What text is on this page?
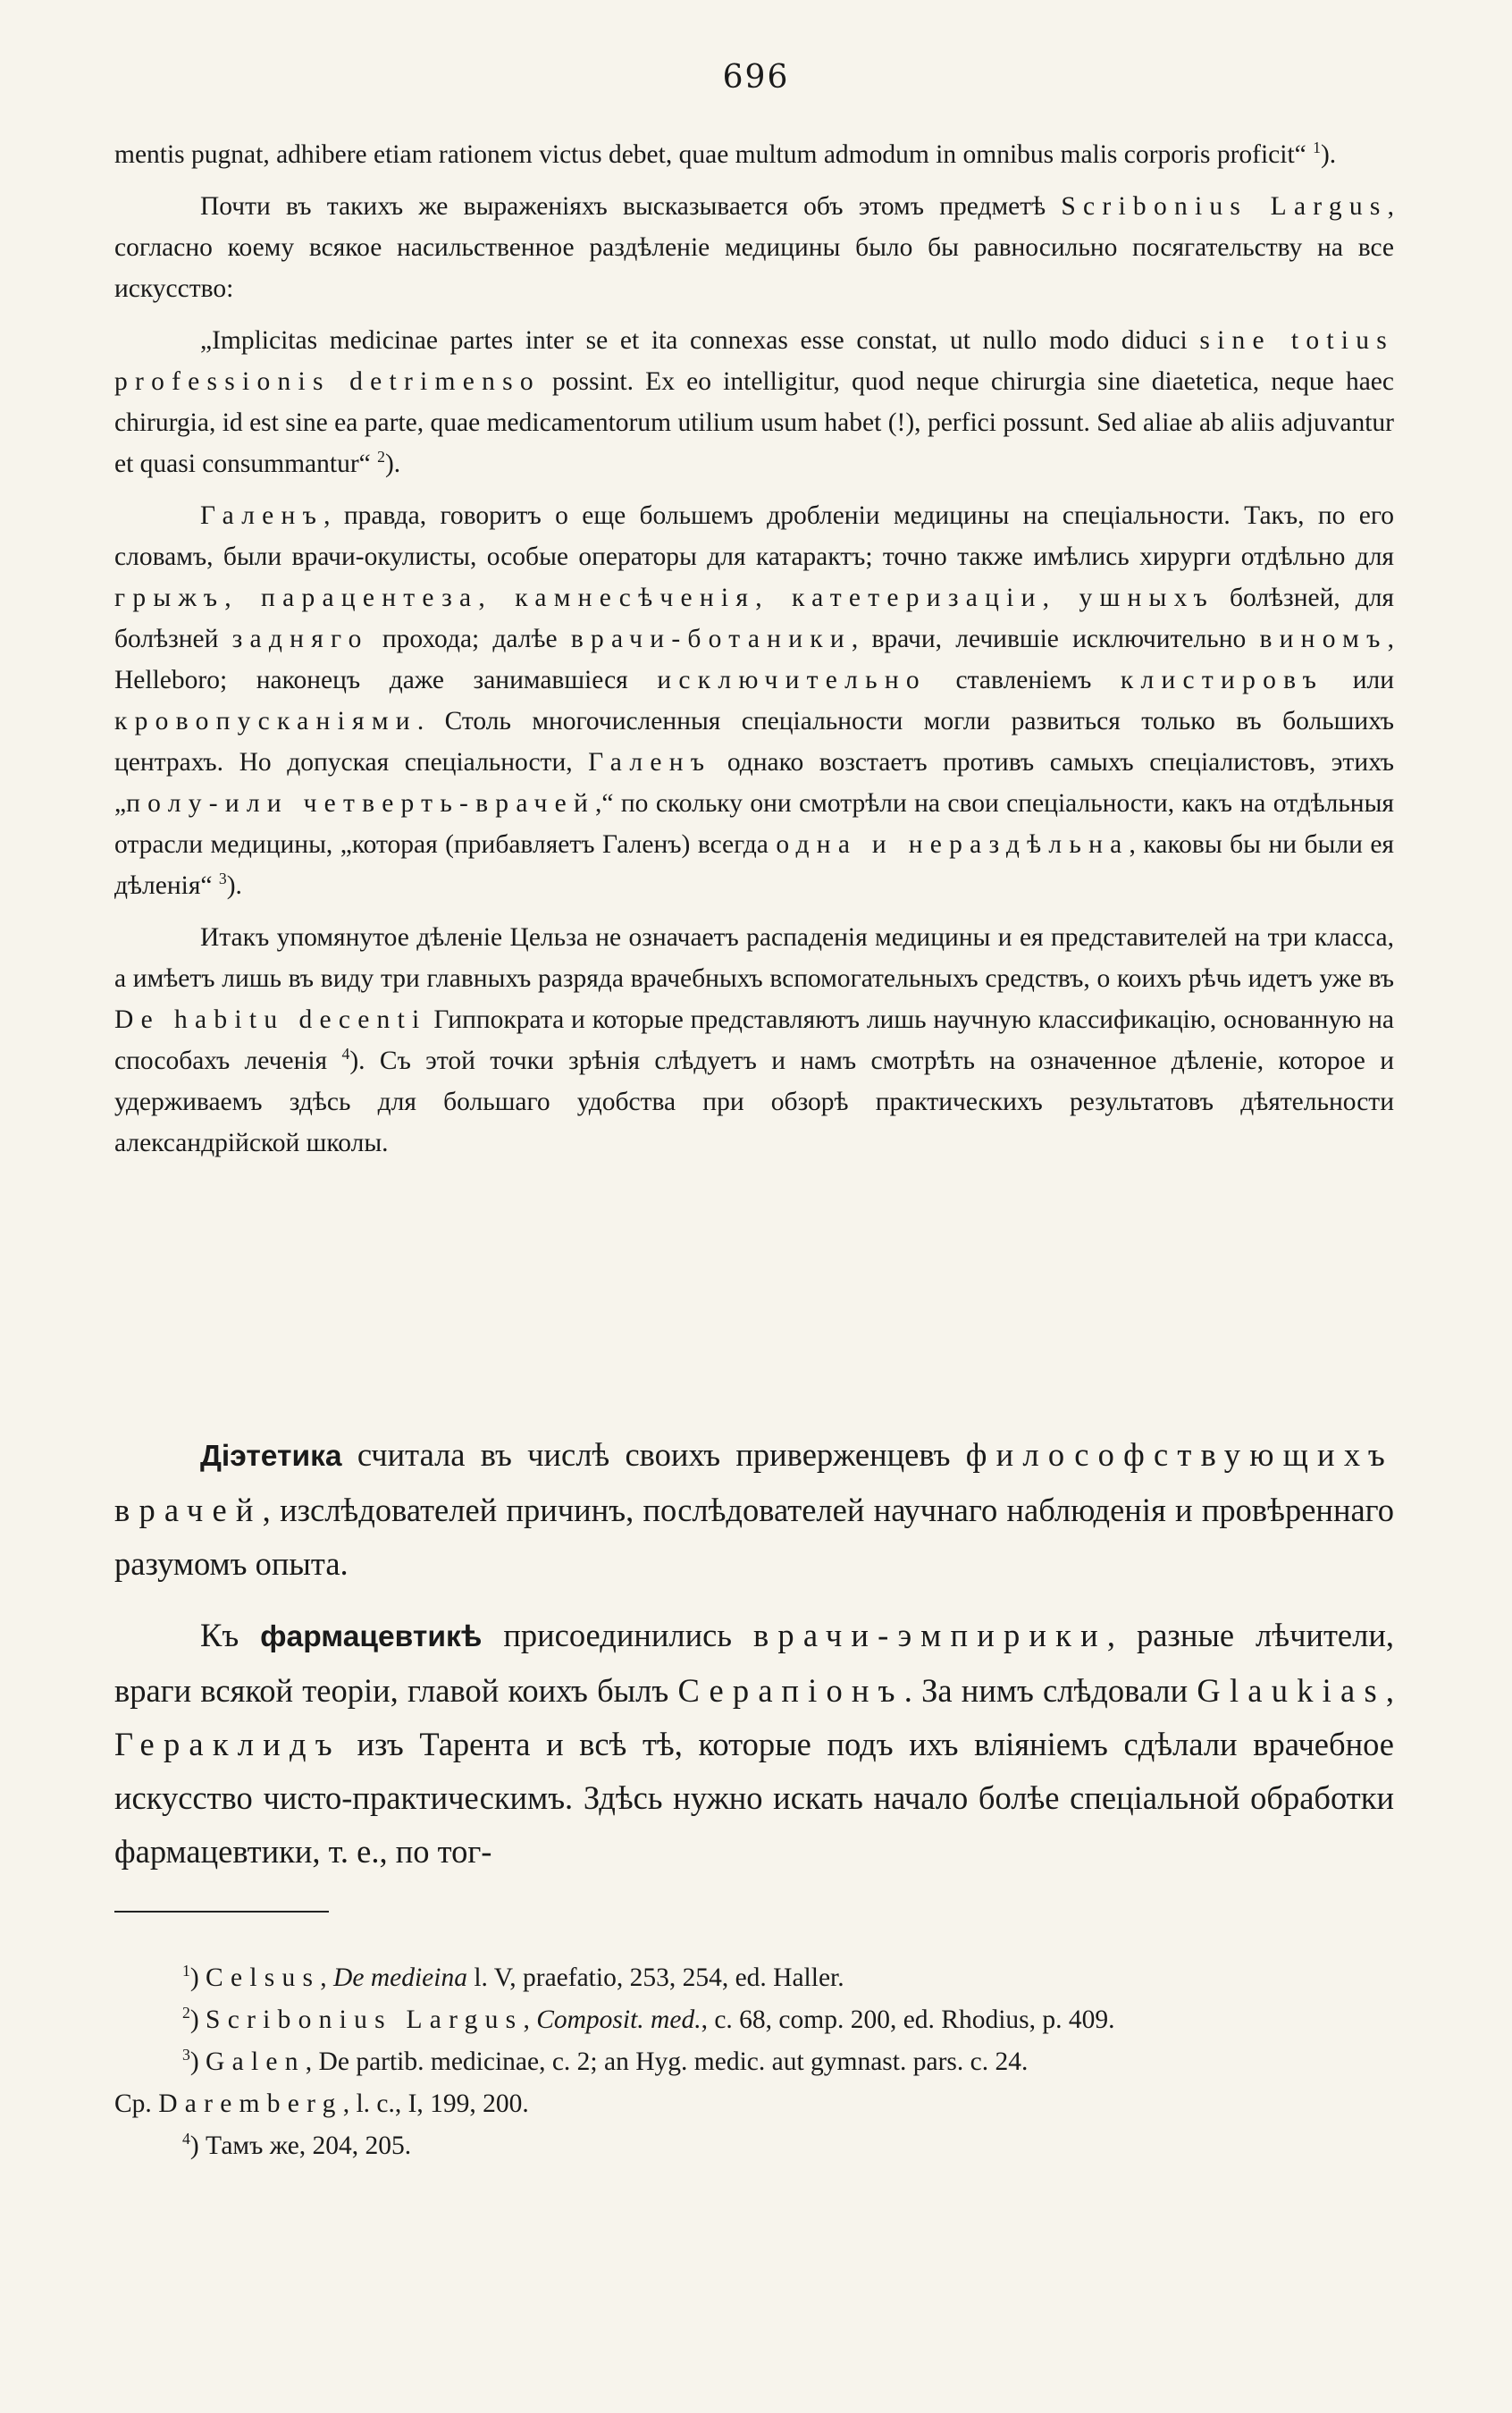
696

mentis pugnat, adhibere etiam rationem victus debet, quae multum admodum in omnibus malis corporis proficit“ $^1$).

Почти въ такихъ же выраженіяхъ высказывается объ этомъ предметѣ Scribonius Largus, согласно коему всякое насильственное раздѣленіе медицины было бы равносильно посягательству на все искусство:

„Implicitas medicinae partes inter se et ita connexas esse constat, ut nullo modo diduci sine totius professionis detrimenso possint. Ex eo intelligitur, quod neque chirurgia sine diaeteticа, neque haec chirurgia, id est sine ea parte, quae medicamentorum utilium usum habet (!), perfici possunt. Sed aliae ab aliis adjuvantur et quasi consummantur“ $^2$).

Галенъ, правда, говоритъ о еще большемъ дробленіи медицины на спеціальности. Такъ, по его словамъ, были врачи-окулисты, особые операторы для катарактъ; точно также имѣлись хирурги отдѣльно для грыжъ, парацентеза, камнесѣченія, катетеризаціи, ушныхъ болѣзней, для болѣзней задняго прохода; далѣе врачи-ботаники, врачи, лечившіе исключительно виномъ, Helleboro; наконецъ даже занимавшіеся исключительно ставленіемъ клистировъ или кровопусканіями. Столь многочисленныя спеціальности могли развиться только въ большихъ центрахъ. Но допуская спеціальности, Галенъ однако возстаетъ противъ самыхъ спеціалистовъ, этихъ „полу-или четверть-врачей,“ по скольку они смотрѣли на свои спеціальности, какъ на отдѣльныя отрасли медицины, „которая (прибавляетъ Галенъ) всегда одна и нераздѣльна, каковы бы ни были ея дѣленія“ $^3$).

Итакъ упомянутое дѣленіе Цельза не означаетъ распаденія медицины и ея представителей на три класса, а имѣетъ лишь въ виду три главныхъ разряда врачебныхъ вспомогательныхъ средствъ, о коихъ рѣчь идетъ уже въ De habitu decenti Гиппократа и которые представляютъ лишь научную классификацію, основанную на способахъ леченія $^4$). Съ этой точки зрѣнія слѣдуетъ и намъ смотрѣть на означенное дѣленіе, которое и удерживаемъ здѣсь для большаго удобства при обзорѣ практическихъ результатовъ дѣятельности александрійской школы.

Діэтетика считала въ числѣ своихъ приверженцевъ философствующихъ врачей, изслѣдователей причинъ, послѣдователей научнаго наблюденія и провѣреннаго разумомъ опыта.

Къ фармацевтикѣ присоединились врачи-эмпирики, разные лѣчители, враги всякой теоріи, главой коихъ былъ Серапіонъ. За нимъ слѣдовали Glaukias, Гераклидъ изъ Тарента и всѣ тѣ, которые подъ ихъ вліяніемъ сдѣлали врачебное искусство чисто-практическимъ. Здѣсь нужно искать начало болѣе спеціальной обработки фармацевтики, т. е., по тог-

$^1$) Celsus, De medieina l. V, praefatio, 253, 254, ed. Haller.

$^2$) Scribonius Largus, Composit. med., c. 68, comp. 200, ed. Rhodius, p. 409.

$^3$) Galen, De partib. medicinae, c. 2; an Hyg. medic. aut gymnast. pars. c. 24.

Ср. Daremberg, l. c., I, 199, 200.

$^4$) Тамъ же, 204, 205.
